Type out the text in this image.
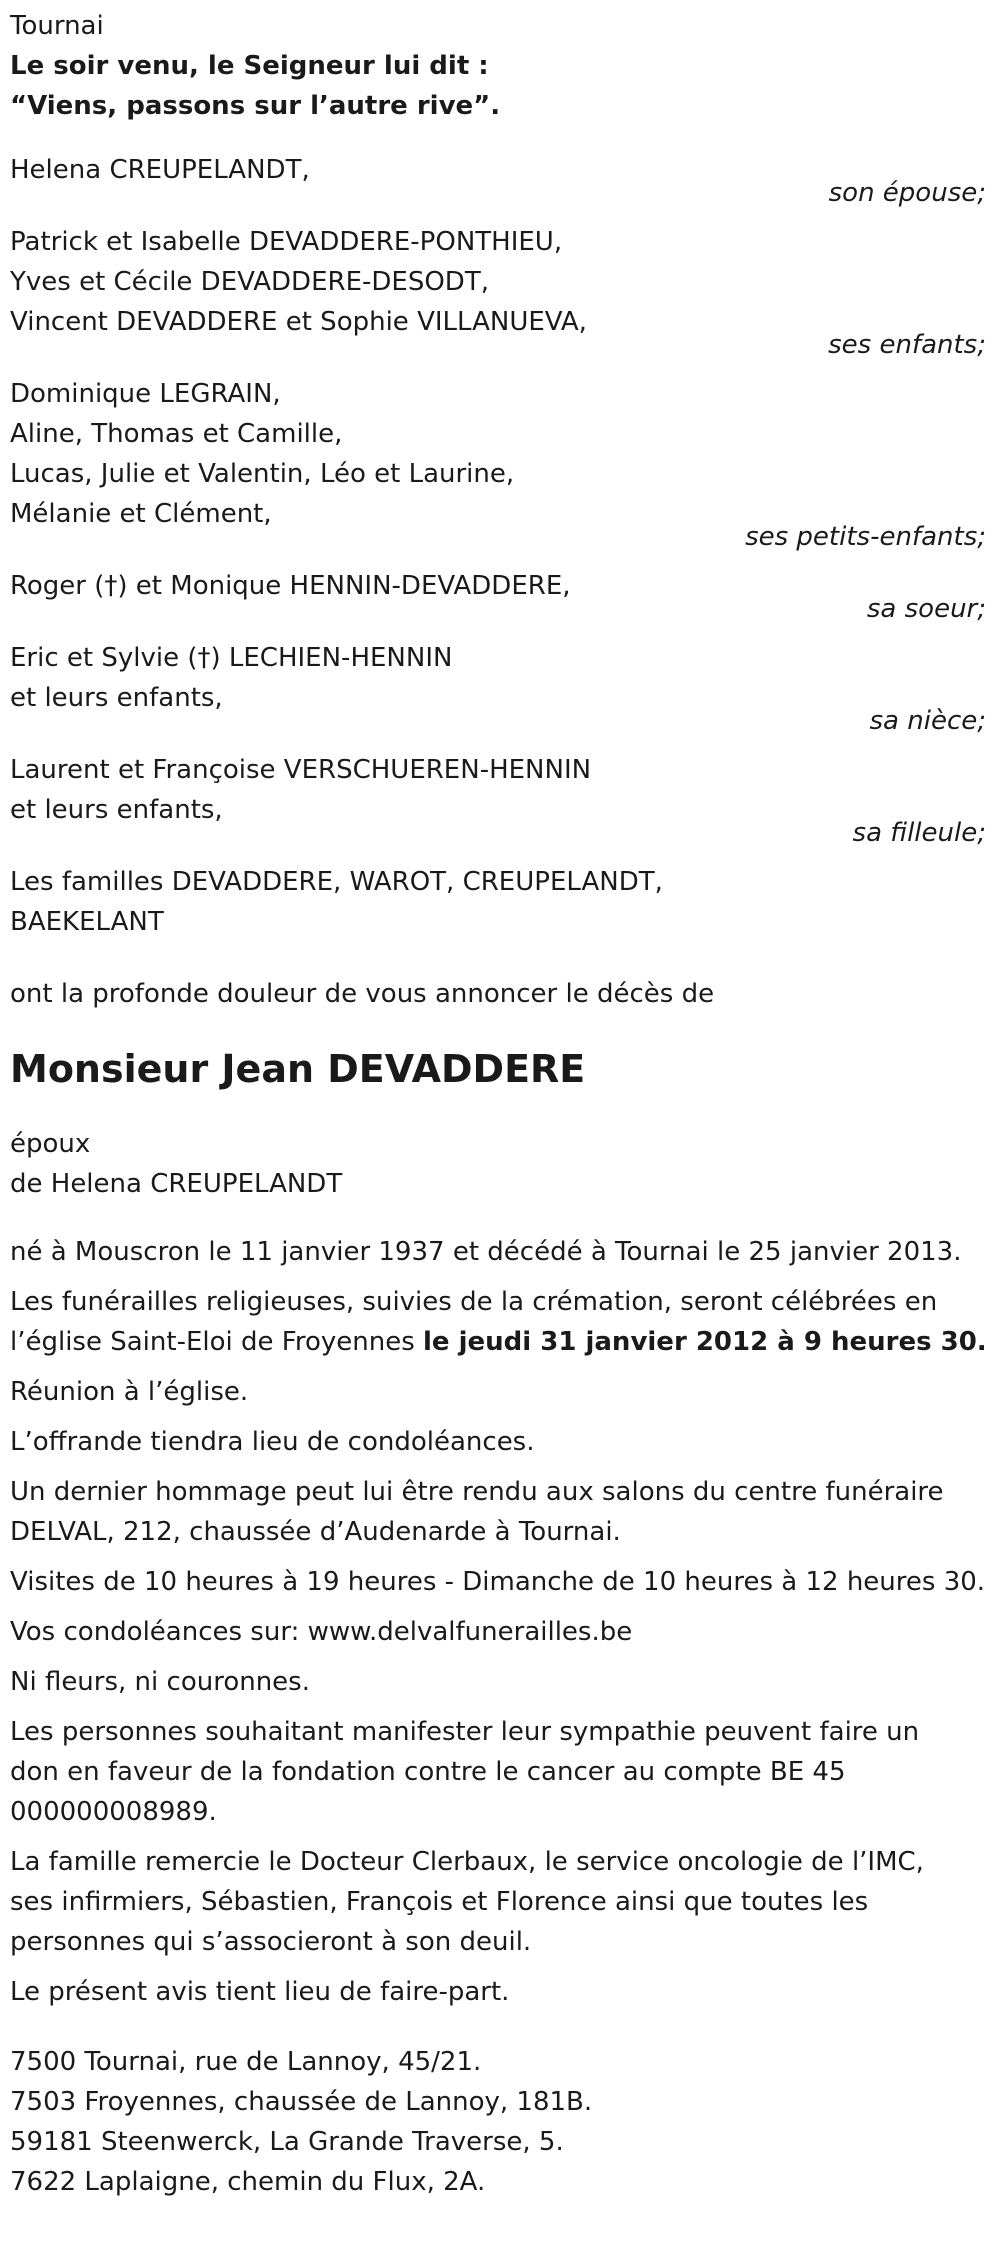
Tournai
Le soir venu, le Seigneur lui dit :
“Viens, passons sur l’autre rive”.
Helena CREUPELANDT,
son épouse;
Patrick et Isabelle DEVADDERE-PONTHIEU,
Yves et Cécile DEVADDERE-DESODT,
Vincent DEVADDERE et Sophie VILLANUEVA,
ses enfants;
Dominique LEGRAIN,
Aline, Thomas et Camille,
Lucas, Julie et Valentin, Léo et Laurine,
Mélanie et Clément,
ses petits-enfants;
Roger (†) et Monique HENNIN-DEVADDERE,
sa soeur;
Eric et Sylvie (†) LECHIEN-HENNIN
et leurs enfants,
sa nièce;
Laurent et Françoise VERSCHUEREN-HENNIN
et leurs enfants,
sa filleule;
Les familles DEVADDERE, WAROT, CREUPELANDT,
BAEKELANT
ont la profonde douleur de vous annoncer le décès de
Monsieur Jean DEVADDERE
époux
de Helena CREUPELANDT
né à Mouscron le 11 janvier 1937 et décédé à Tournai le 25 janvier 2013.
Les funérailles religieuses, suivies de la crémation, seront célébrées en
l’église Saint-Eloi de Froyennes le jeudi 31 janvier 2012 à 9 heures 30.
Réunion à l’église.
L’offrande tiendra lieu de condoléances.
Un dernier hommage peut lui être rendu aux salons du centre funéraire
DELVAL, 212, chaussée d’Audenarde à Tournai.
Visites de 10 heures à 19 heures - Dimanche de 10 heures à 12 heures 30.
Vos condoléances sur: www.delvalfunerailles.be
Ni fleurs, ni couronnes.
Les personnes souhaitant manifester leur sympathie peuvent faire un
don en faveur de la fondation contre le cancer au compte BE 45
000000008989.
La famille remercie le Docteur Clerbaux, le service oncologie de l’IMC,
ses infirmiers, Sébastien, François et Florence ainsi que toutes les
personnes qui s’associeront à son deuil.
Le présent avis tient lieu de faire-part.
7500 Tournai, rue de Lannoy, 45/21.
7503 Froyennes, chaussée de Lannoy, 181B.
59181 Steenwerck, La Grande Traverse, 5.
7622 Laplaigne, chemin du Flux, 2A.
